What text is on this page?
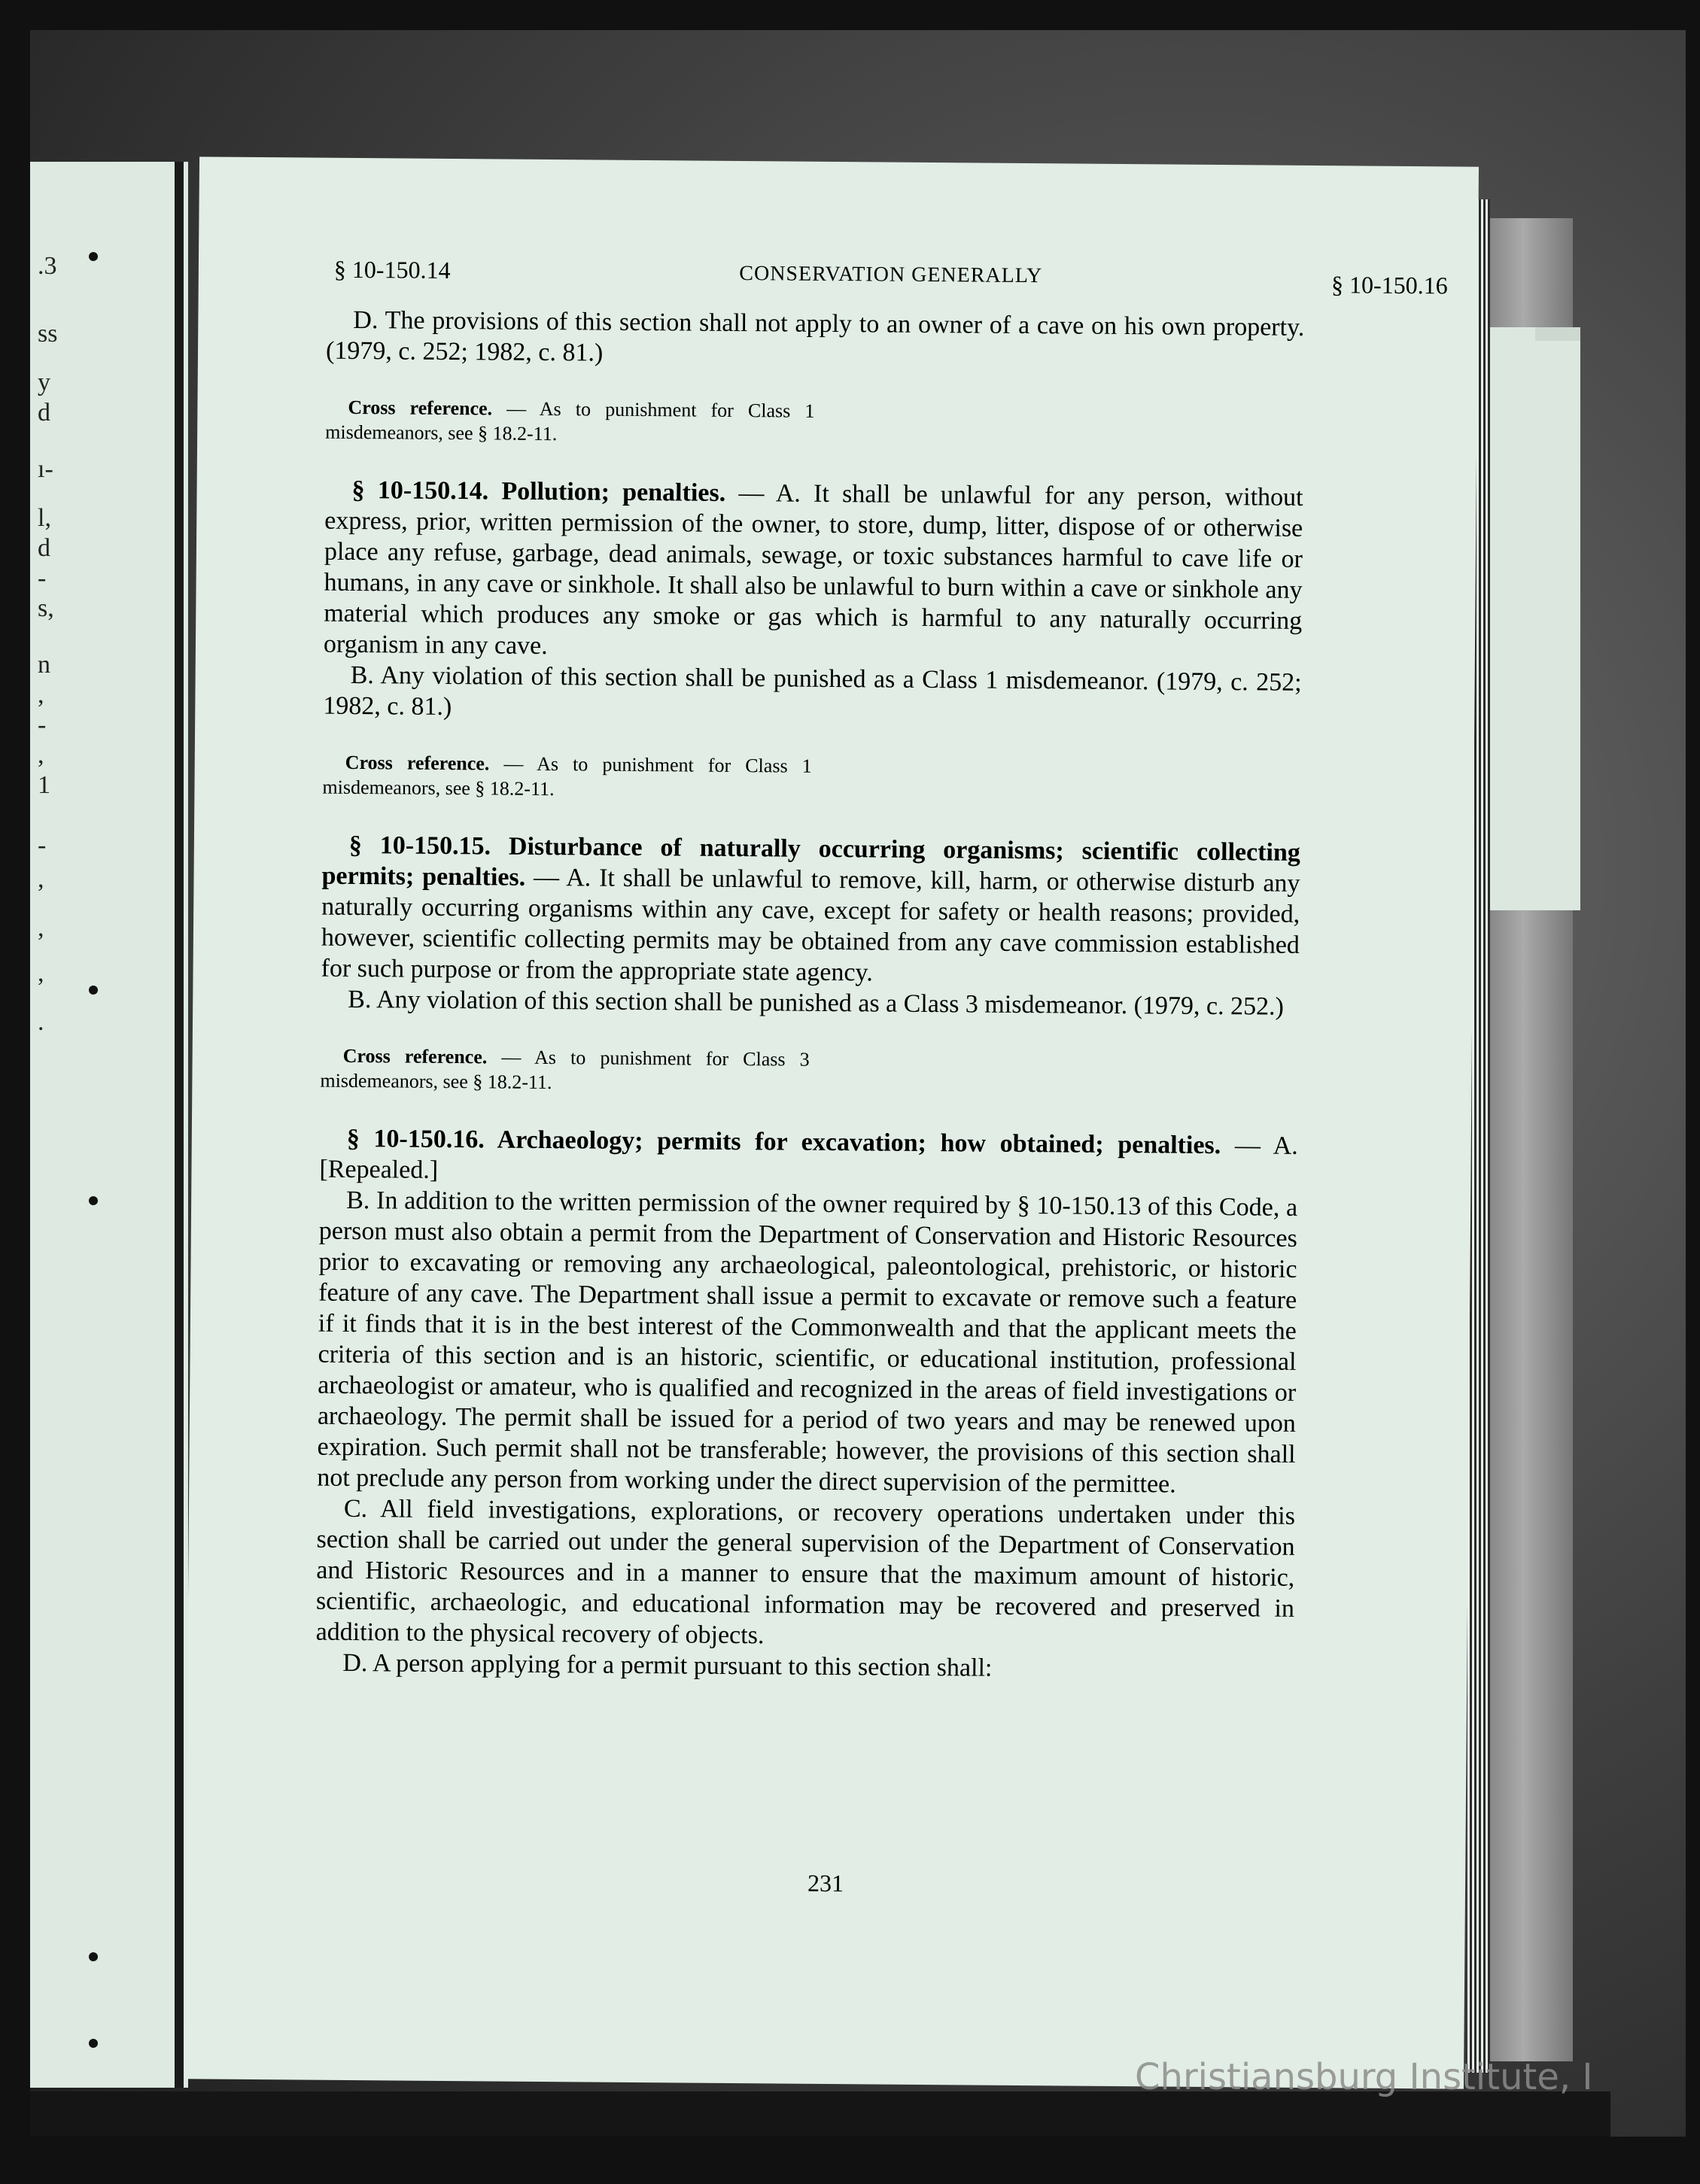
.3
ss
y
d
ı-
l,
d
-
s,
n
,
-
,
1
-
,
,
,
.
§ 10-150.14	CONSERVATION GENERALLY	§ 10-150.16

D. The provisions of this section shall not apply to an owner of a cave on his own property. (1979, c. 252; 1982, c. 81.)

Cross reference. — As to punishment for Class 1 misdemeanors, see § 18.2-11.

§ 10-150.14. Pollution; penalties. — A. It shall be unlawful for any person, without express, prior, written permission of the owner, to store, dump, litter, dispose of or otherwise place any refuse, garbage, dead animals, sewage, or toxic substances harmful to cave life or humans, in any cave or sinkhole. It shall also be unlawful to burn within a cave or sinkhole any material which produces any smoke or gas which is harmful to any naturally occurring organism in any cave.

B. Any violation of this section shall be punished as a Class 1 misdemeanor. (1979, c. 252; 1982, c. 81.)

Cross reference. — As to punishment for Class 1 misdemeanors, see § 18.2-11.

§ 10-150.15. Disturbance of naturally occurring organisms; scientific collecting permits; penalties. — A. It shall be unlawful to remove, kill, harm, or otherwise disturb any naturally occurring organisms within any cave, except for safety or health reasons; provided, however, scientific collecting permits may be obtained from any cave commission established for such purpose or from the appropriate state agency.

B. Any violation of this section shall be punished as a Class 3 misdemeanor. (1979, c. 252.)

Cross reference. — As to punishment for Class 3 misdemeanors, see § 18.2-11.

§ 10-150.16. Archaeology; permits for excavation; how obtained; penalties. — A. [Repealed.]

B. In addition to the written permission of the owner required by § 10-150.13 of this Code, a person must also obtain a permit from the Department of Conservation and Historic Resources prior to excavating or removing any archaeological, paleontological, prehistoric, or historic feature of any cave. The Department shall issue a permit to excavate or remove such a feature if it finds that it is in the best interest of the Commonwealth and that the applicant meets the criteria of this section and is an historic, scientific, or educational institution, professional archaeologist or amateur, who is qualified and recognized in the areas of field investigations or archaeology. The permit shall be issued for a period of two years and may be renewed upon expiration. Such permit shall not be transferable; however, the provisions of this section shall not preclude any person from working under the direct supervision of the permittee.

C. All field investigations, explorations, or recovery operations undertaken under this section shall be carried out under the general supervision of the Department of Conservation and Historic Resources and in a manner to ensure that the maximum amount of historic, scientific, archaeologic, and educational information may be recovered and preserved in addition to the physical recovery of objects.

D. A person applying for a permit pursuant to this section shall:

231
Christiansburg Institute, I
